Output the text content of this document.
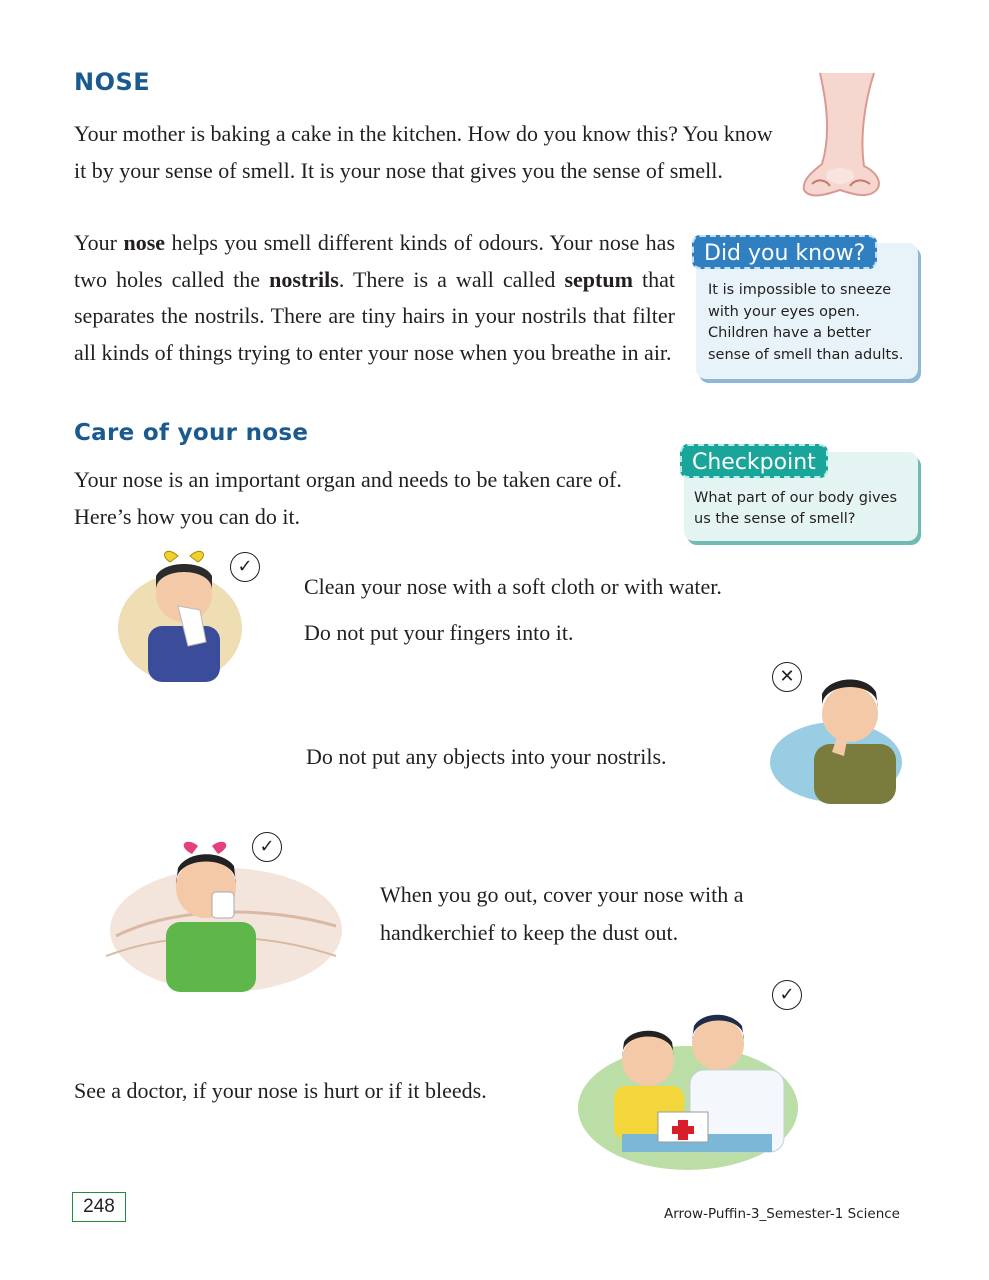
NOSE
Your mother is baking a cake in the kitchen. How do you know this? You know it by your sense of smell. It is your nose that gives you the sense of smell.
Your nose helps you smell different kinds of odours. Your nose has two holes called the nostrils. There is a wall called septum that separates the nostrils. There are tiny hairs in your nostrils that filter all kinds of things trying to enter your nose when you breathe in air.
Did you know?
It is impossible to sneeze with your eyes open. Children have a better sense of smell than adults.
Care of your nose
Your nose is an important organ and needs to be taken care of. Here’s how you can do it.
Checkpoint
What part of our body gives us the sense of smell?
✓
Clean your nose with a soft cloth or with water.
Do not put your fingers into it.
✕
Do not put any objects into your nostrils.
✓
When you go out, cover your nose with a handkerchief to keep the dust out.
✓
See a doctor, if your nose is hurt or if it bleeds.
248	Arrow-Puffin-3_Semester-1 Science
